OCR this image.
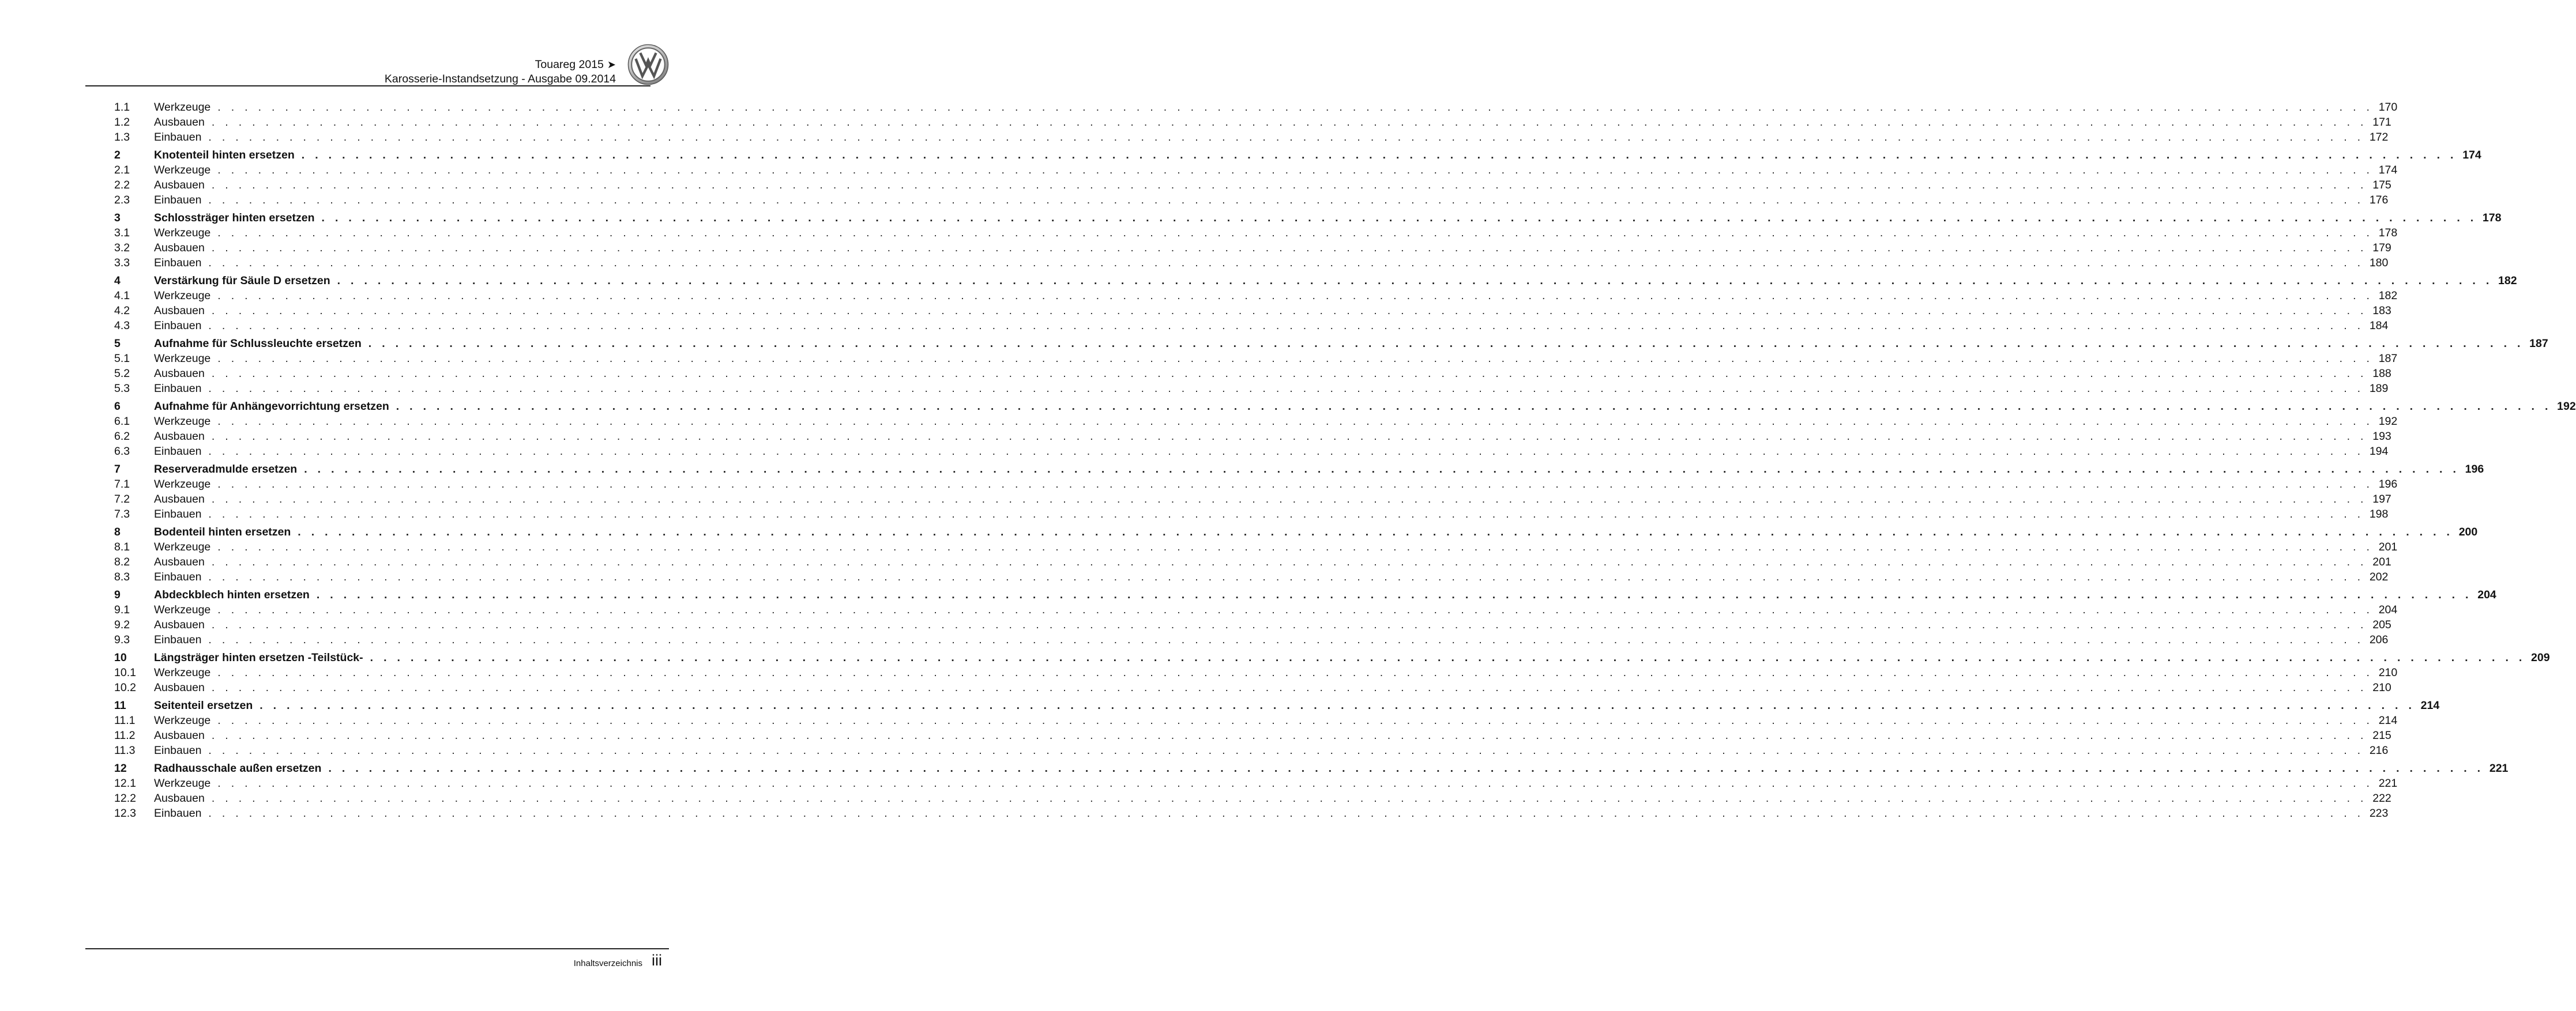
Touareg 2015 ➤
Karosserie-Instandsetzung - Ausgabe 09.2014
1.1	Werkzeuge . . . . . . . . . . . . . . . . . . . . . . . . . . . . . . . . . . . . . . . . . . . . . . . . . . . . . . . . . . . . . . . . . . . . . . . . . . . . . . . . . . . . . . . . . . . . . . . . . . . . . . . . . . . . . . . . . . . . . . . . . . . . . . . . . . . . . . . . . . . . . . . . . . . . . . . . . . . . . . . . 170
1.2	Ausbauen . . . . . . . . . . . . . . . . . . . . . . . . . . . . . . . . . . . . . . . . . . . . . . . . . . . . . . . . . . . . . . . . . . . . . . . . . . . . . . . . . . . . . . . . . . . . . . . . . . . . . . . . . . . . . . . . . . . . . . . . . . . . . . . . . . . . . . . . . . . . . . . . . . . . . . . . . . . . . . . . 171
1.3	Einbauen . . . . . . . . . . . . . . . . . . . . . . . . . . . . . . . . . . . . . . . . . . . . . . . . . . . . . . . . . . . . . . . . . . . . . . . . . . . . . . . . . . . . . . . . . . . . . . . . . . . . . . . . . . . . . . . . . . . . . . . . . . . . . . . . . . . . . . . . . . . . . . . . . . . . . . . . . . . . . . . . 172
2	Knotenteil hinten ersetzen . . . . . . . . . . . . . . . . . . . . . . . . . . . . . . . . . . . . . . . . . . . . . . . . . . . . . . . . . . . . . . . . . . . . . . . . . . . . . . . . . . . . . . . . . . . . . . . . . . . . . . . . . . . . . . . . . . . . . . . . . . . . . . . . . . . . . . . . . . . . . . . . . . . . . . . . . . . . . . . . 174
2.1	Werkzeuge . . . . . . . . . . . . . . . . . . . . . . . . . . . . . . . . . . . . . . . . . . . . . . . . . . . . . . . . . . . . . . . . . . . . . . . . . . . . . . . . . . . . . . . . . . . . . . . . . . . . . . . . . . . . . . . . . . . . . . . . . . . . . . . . . . . . . . . . . . . . . . . . . . . . . . . . . . . . . . . . 174
2.2	Ausbauen . . . . . . . . . . . . . . . . . . . . . . . . . . . . . . . . . . . . . . . . . . . . . . . . . . . . . . . . . . . . . . . . . . . . . . . . . . . . . . . . . . . . . . . . . . . . . . . . . . . . . . . . . . . . . . . . . . . . . . . . . . . . . . . . . . . . . . . . . . . . . . . . . . . . . . . . . . . . . . . . 175
2.3	Einbauen . . . . . . . . . . . . . . . . . . . . . . . . . . . . . . . . . . . . . . . . . . . . . . . . . . . . . . . . . . . . . . . . . . . . . . . . . . . . . . . . . . . . . . . . . . . . . . . . . . . . . . . . . . . . . . . . . . . . . . . . . . . . . . . . . . . . . . . . . . . . . . . . . . . . . . . . . . . . . . . . 176
3	Schlossträger hinten ersetzen . . . . . . . . . . . . . . . . . . . . . . . . . . . . . . . . . . . . . . . . . . . . . . . . . . . . . . . . . . . . . . . . . . . . . . . . . . . . . . . . . . . . . . . . . . . . . . . . . . . . . . . . . . . . . . . . . . . . . . . . . . . . . . . . . . . . . . . . . . . . . . . . . . . . . . . . . . . . . . . . 178
3.1	Werkzeuge . . . . . . . . . . . . . . . . . . . . . . . . . . . . . . . . . . . . . . . . . . . . . . . . . . . . . . . . . . . . . . . . . . . . . . . . . . . . . . . . . . . . . . . . . . . . . . . . . . . . . . . . . . . . . . . . . . . . . . . . . . . . . . . . . . . . . . . . . . . . . . . . . . . . . . . . . . . . . . . . 178
3.2	Ausbauen . . . . . . . . . . . . . . . . . . . . . . . . . . . . . . . . . . . . . . . . . . . . . . . . . . . . . . . . . . . . . . . . . . . . . . . . . . . . . . . . . . . . . . . . . . . . . . . . . . . . . . . . . . . . . . . . . . . . . . . . . . . . . . . . . . . . . . . . . . . . . . . . . . . . . . . . . . . . . . . . 179
3.3	Einbauen . . . . . . . . . . . . . . . . . . . . . . . . . . . . . . . . . . . . . . . . . . . . . . . . . . . . . . . . . . . . . . . . . . . . . . . . . . . . . . . . . . . . . . . . . . . . . . . . . . . . . . . . . . . . . . . . . . . . . . . . . . . . . . . . . . . . . . . . . . . . . . . . . . . . . . . . . . . . . . . . 180
4	Verstärkung für Säule D ersetzen . . . . . . . . . . . . . . . . . . . . . . . . . . . . . . . . . . . . . . . . . . . . . . . . . . . . . . . . . . . . . . . . . . . . . . . . . . . . . . . . . . . . . . . . . . . . . . . . . . . . . . . . . . . . . . . . . . . . . . . . . . . . . . . . . . . . . . . . . . . . . . . . . . . . . . . . . . . . . . . . 182
4.1	Werkzeuge . . . . . . . . . . . . . . . . . . . . . . . . . . . . . . . . . . . . . . . . . . . . . . . . . . . . . . . . . . . . . . . . . . . . . . . . . . . . . . . . . . . . . . . . . . . . . . . . . . . . . . . . . . . . . . . . . . . . . . . . . . . . . . . . . . . . . . . . . . . . . . . . . . . . . . . . . . . . . . . . 182
4.2	Ausbauen . . . . . . . . . . . . . . . . . . . . . . . . . . . . . . . . . . . . . . . . . . . . . . . . . . . . . . . . . . . . . . . . . . . . . . . . . . . . . . . . . . . . . . . . . . . . . . . . . . . . . . . . . . . . . . . . . . . . . . . . . . . . . . . . . . . . . . . . . . . . . . . . . . . . . . . . . . . . . . . . 183
4.3	Einbauen . . . . . . . . . . . . . . . . . . . . . . . . . . . . . . . . . . . . . . . . . . . . . . . . . . . . . . . . . . . . . . . . . . . . . . . . . . . . . . . . . . . . . . . . . . . . . . . . . . . . . . . . . . . . . . . . . . . . . . . . . . . . . . . . . . . . . . . . . . . . . . . . . . . . . . . . . . . . . . . . 184
5	Aufnahme für Schlussleuchte ersetzen . . . . . . . . . . . . . . . . . . . . . . . . . . . . . . . . . . . . . . . . . . . . . . . . . . . . . . . . . . . . . . . . . . . . . . . . . . . . . . . . . . . . . . . . . . . . . . . . . . . . . . . . . . . . . . . . . . . . . . . . . . . . . . . . . . . . . . . . . . . . . . . . . . . . . . . . . . . . . . . . 187
5.1	Werkzeuge . . . . . . . . . . . . . . . . . . . . . . . . . . . . . . . . . . . . . . . . . . . . . . . . . . . . . . . . . . . . . . . . . . . . . . . . . . . . . . . . . . . . . . . . . . . . . . . . . . . . . . . . . . . . . . . . . . . . . . . . . . . . . . . . . . . . . . . . . . . . . . . . . . . . . . . . . . . . . . . . 187
5.2	Ausbauen . . . . . . . . . . . . . . . . . . . . . . . . . . . . . . . . . . . . . . . . . . . . . . . . . . . . . . . . . . . . . . . . . . . . . . . . . . . . . . . . . . . . . . . . . . . . . . . . . . . . . . . . . . . . . . . . . . . . . . . . . . . . . . . . . . . . . . . . . . . . . . . . . . . . . . . . . . . . . . . . 188
5.3	Einbauen . . . . . . . . . . . . . . . . . . . . . . . . . . . . . . . . . . . . . . . . . . . . . . . . . . . . . . . . . . . . . . . . . . . . . . . . . . . . . . . . . . . . . . . . . . . . . . . . . . . . . . . . . . . . . . . . . . . . . . . . . . . . . . . . . . . . . . . . . . . . . . . . . . . . . . . . . . . . . . . . 189
6	Aufnahme für Anhängevorrichtung ersetzen . . . . . . . . . . . . . . . . . . . . . . . . . . . . . . . . . . . . . . . . . . . . . . . . . . . . . . . . . . . . . . . . . . . . . . . . . . . . . . . . . . . . . . . . . . . . . . . . . . . . . . . . . . . . . . . . . . . . . . . . . . . . . . . . . . . . . . . . . . . . . . . . . . . . . . . . . . . . . . . . 192
6.1	Werkzeuge . . . . . . . . . . . . . . . . . . . . . . . . . . . . . . . . . . . . . . . . . . . . . . . . . . . . . . . . . . . . . . . . . . . . . . . . . . . . . . . . . . . . . . . . . . . . . . . . . . . . . . . . . . . . . . . . . . . . . . . . . . . . . . . . . . . . . . . . . . . . . . . . . . . . . . . . . . . . . . . . 192
6.2	Ausbauen . . . . . . . . . . . . . . . . . . . . . . . . . . . . . . . . . . . . . . . . . . . . . . . . . . . . . . . . . . . . . . . . . . . . . . . . . . . . . . . . . . . . . . . . . . . . . . . . . . . . . . . . . . . . . . . . . . . . . . . . . . . . . . . . . . . . . . . . . . . . . . . . . . . . . . . . . . . . . . . . 193
6.3	Einbauen . . . . . . . . . . . . . . . . . . . . . . . . . . . . . . . . . . . . . . . . . . . . . . . . . . . . . . . . . . . . . . . . . . . . . . . . . . . . . . . . . . . . . . . . . . . . . . . . . . . . . . . . . . . . . . . . . . . . . . . . . . . . . . . . . . . . . . . . . . . . . . . . . . . . . . . . . . . . . . . . 194
7	Reserveradmulde ersetzen . . . . . . . . . . . . . . . . . . . . . . . . . . . . . . . . . . . . . . . . . . . . . . . . . . . . . . . . . . . . . . . . . . . . . . . . . . . . . . . . . . . . . . . . . . . . . . . . . . . . . . . . . . . . . . . . . . . . . . . . . . . . . . . . . . . . . . . . . . . . . . . . . . . . . . . . . . . . . . . . 196
7.1	Werkzeuge . . . . . . . . . . . . . . . . . . . . . . . . . . . . . . . . . . . . . . . . . . . . . . . . . . . . . . . . . . . . . . . . . . . . . . . . . . . . . . . . . . . . . . . . . . . . . . . . . . . . . . . . . . . . . . . . . . . . . . . . . . . . . . . . . . . . . . . . . . . . . . . . . . . . . . . . . . . . . . . . 196
7.2	Ausbauen . . . . . . . . . . . . . . . . . . . . . . . . . . . . . . . . . . . . . . . . . . . . . . . . . . . . . . . . . . . . . . . . . . . . . . . . . . . . . . . . . . . . . . . . . . . . . . . . . . . . . . . . . . . . . . . . . . . . . . . . . . . . . . . . . . . . . . . . . . . . . . . . . . . . . . . . . . . . . . . . 197
7.3	Einbauen . . . . . . . . . . . . . . . . . . . . . . . . . . . . . . . . . . . . . . . . . . . . . . . . . . . . . . . . . . . . . . . . . . . . . . . . . . . . . . . . . . . . . . . . . . . . . . . . . . . . . . . . . . . . . . . . . . . . . . . . . . . . . . . . . . . . . . . . . . . . . . . . . . . . . . . . . . . . . . . . 198
8	Bodenteil hinten ersetzen . . . . . . . . . . . . . . . . . . . . . . . . . . . . . . . . . . . . . . . . . . . . . . . . . . . . . . . . . . . . . . . . . . . . . . . . . . . . . . . . . . . . . . . . . . . . . . . . . . . . . . . . . . . . . . . . . . . . . . . . . . . . . . . . . . . . . . . . . . . . . . . . . . . . . . . . . . . . . . . . 200
8.1	Werkzeuge . . . . . . . . . . . . . . . . . . . . . . . . . . . . . . . . . . . . . . . . . . . . . . . . . . . . . . . . . . . . . . . . . . . . . . . . . . . . . . . . . . . . . . . . . . . . . . . . . . . . . . . . . . . . . . . . . . . . . . . . . . . . . . . . . . . . . . . . . . . . . . . . . . . . . . . . . . . . . . . . 201
8.2	Ausbauen . . . . . . . . . . . . . . . . . . . . . . . . . . . . . . . . . . . . . . . . . . . . . . . . . . . . . . . . . . . . . . . . . . . . . . . . . . . . . . . . . . . . . . . . . . . . . . . . . . . . . . . . . . . . . . . . . . . . . . . . . . . . . . . . . . . . . . . . . . . . . . . . . . . . . . . . . . . . . . . . 201
8.3	Einbauen . . . . . . . . . . . . . . . . . . . . . . . . . . . . . . . . . . . . . . . . . . . . . . . . . . . . . . . . . . . . . . . . . . . . . . . . . . . . . . . . . . . . . . . . . . . . . . . . . . . . . . . . . . . . . . . . . . . . . . . . . . . . . . . . . . . . . . . . . . . . . . . . . . . . . . . . . . . . . . . . 202
9	Abdeckblech hinten ersetzen . . . . . . . . . . . . . . . . . . . . . . . . . . . . . . . . . . . . . . . . . . . . . . . . . . . . . . . . . . . . . . . . . . . . . . . . . . . . . . . . . . . . . . . . . . . . . . . . . . . . . . . . . . . . . . . . . . . . . . . . . . . . . . . . . . . . . . . . . . . . . . . . . . . . . . . . . . . . . . . . 204
9.1	Werkzeuge . . . . . . . . . . . . . . . . . . . . . . . . . . . . . . . . . . . . . . . . . . . . . . . . . . . . . . . . . . . . . . . . . . . . . . . . . . . . . . . . . . . . . . . . . . . . . . . . . . . . . . . . . . . . . . . . . . . . . . . . . . . . . . . . . . . . . . . . . . . . . . . . . . . . . . . . . . . . . . . . 204
9.2	Ausbauen . . . . . . . . . . . . . . . . . . . . . . . . . . . . . . . . . . . . . . . . . . . . . . . . . . . . . . . . . . . . . . . . . . . . . . . . . . . . . . . . . . . . . . . . . . . . . . . . . . . . . . . . . . . . . . . . . . . . . . . . . . . . . . . . . . . . . . . . . . . . . . . . . . . . . . . . . . . . . . . . 205
9.3	Einbauen . . . . . . . . . . . . . . . . . . . . . . . . . . . . . . . . . . . . . . . . . . . . . . . . . . . . . . . . . . . . . . . . . . . . . . . . . . . . . . . . . . . . . . . . . . . . . . . . . . . . . . . . . . . . . . . . . . . . . . . . . . . . . . . . . . . . . . . . . . . . . . . . . . . . . . . . . . . . . . . . 206
10	Längsträger hinten ersetzen -Teilstück- . . . . . . . . . . . . . . . . . . . . . . . . . . . . . . . . . . . . . . . . . . . . . . . . . . . . . . . . . . . . . . . . . . . . . . . . . . . . . . . . . . . . . . . . . . . . . . . . . . . . . . . . . . . . . . . . . . . . . . . . . . . . . . . . . . . . . . . . . . . . . . . . . . . . . . . . . . . . . . . . 209
10.1	Werkzeuge . . . . . . . . . . . . . . . . . . . . . . . . . . . . . . . . . . . . . . . . . . . . . . . . . . . . . . . . . . . . . . . . . . . . . . . . . . . . . . . . . . . . . . . . . . . . . . . . . . . . . . . . . . . . . . . . . . . . . . . . . . . . . . . . . . . . . . . . . . . . . . . . . . . . . . . . . . . . . . . . 210
10.2	Ausbauen . . . . . . . . . . . . . . . . . . . . . . . . . . . . . . . . . . . . . . . . . . . . . . . . . . . . . . . . . . . . . . . . . . . . . . . . . . . . . . . . . . . . . . . . . . . . . . . . . . . . . . . . . . . . . . . . . . . . . . . . . . . . . . . . . . . . . . . . . . . . . . . . . . . . . . . . . . . . . . . . 210
11	Seitenteil ersetzen . . . . . . . . . . . . . . . . . . . . . . . . . . . . . . . . . . . . . . . . . . . . . . . . . . . . . . . . . . . . . . . . . . . . . . . . . . . . . . . . . . . . . . . . . . . . . . . . . . . . . . . . . . . . . . . . . . . . . . . . . . . . . . . . . . . . . . . . . . . . . . . . . . . . . . . . . . . . . . . . 214
11.1	Werkzeuge . . . . . . . . . . . . . . . . . . . . . . . . . . . . . . . . . . . . . . . . . . . . . . . . . . . . . . . . . . . . . . . . . . . . . . . . . . . . . . . . . . . . . . . . . . . . . . . . . . . . . . . . . . . . . . . . . . . . . . . . . . . . . . . . . . . . . . . . . . . . . . . . . . . . . . . . . . . . . . . . 214
11.2	Ausbauen . . . . . . . . . . . . . . . . . . . . . . . . . . . . . . . . . . . . . . . . . . . . . . . . . . . . . . . . . . . . . . . . . . . . . . . . . . . . . . . . . . . . . . . . . . . . . . . . . . . . . . . . . . . . . . . . . . . . . . . . . . . . . . . . . . . . . . . . . . . . . . . . . . . . . . . . . . . . . . . . 215
11.3	Einbauen . . . . . . . . . . . . . . . . . . . . . . . . . . . . . . . . . . . . . . . . . . . . . . . . . . . . . . . . . . . . . . . . . . . . . . . . . . . . . . . . . . . . . . . . . . . . . . . . . . . . . . . . . . . . . . . . . . . . . . . . . . . . . . . . . . . . . . . . . . . . . . . . . . . . . . . . . . . . . . . . 216
12	Radhausschale außen ersetzen . . . . . . . . . . . . . . . . . . . . . . . . . . . . . . . . . . . . . . . . . . . . . . . . . . . . . . . . . . . . . . . . . . . . . . . . . . . . . . . . . . . . . . . . . . . . . . . . . . . . . . . . . . . . . . . . . . . . . . . . . . . . . . . . . . . . . . . . . . . . . . . . . . . . . . . . . . . . . . . . 221
12.1	Werkzeuge . . . . . . . . . . . . . . . . . . . . . . . . . . . . . . . . . . . . . . . . . . . . . . . . . . . . . . . . . . . . . . . . . . . . . . . . . . . . . . . . . . . . . . . . . . . . . . . . . . . . . . . . . . . . . . . . . . . . . . . . . . . . . . . . . . . . . . . . . . . . . . . . . . . . . . . . . . . . . . . . 221
12.2	Ausbauen . . . . . . . . . . . . . . . . . . . . . . . . . . . . . . . . . . . . . . . . . . . . . . . . . . . . . . . . . . . . . . . . . . . . . . . . . . . . . . . . . . . . . . . . . . . . . . . . . . . . . . . . . . . . . . . . . . . . . . . . . . . . . . . . . . . . . . . . . . . . . . . . . . . . . . . . . . . . . . . . 222
12.3	Einbauen . . . . . . . . . . . . . . . . . . . . . . . . . . . . . . . . . . . . . . . . . . . . . . . . . . . . . . . . . . . . . . . . . . . . . . . . . . . . . . . . . . . . . . . . . . . . . . . . . . . . . . . . . . . . . . . . . . . . . . . . . . . . . . . . . . . . . . . . . . . . . . . . . . . . . . . . . . . . . . . . 223
Inhaltsverzeichnis iii
